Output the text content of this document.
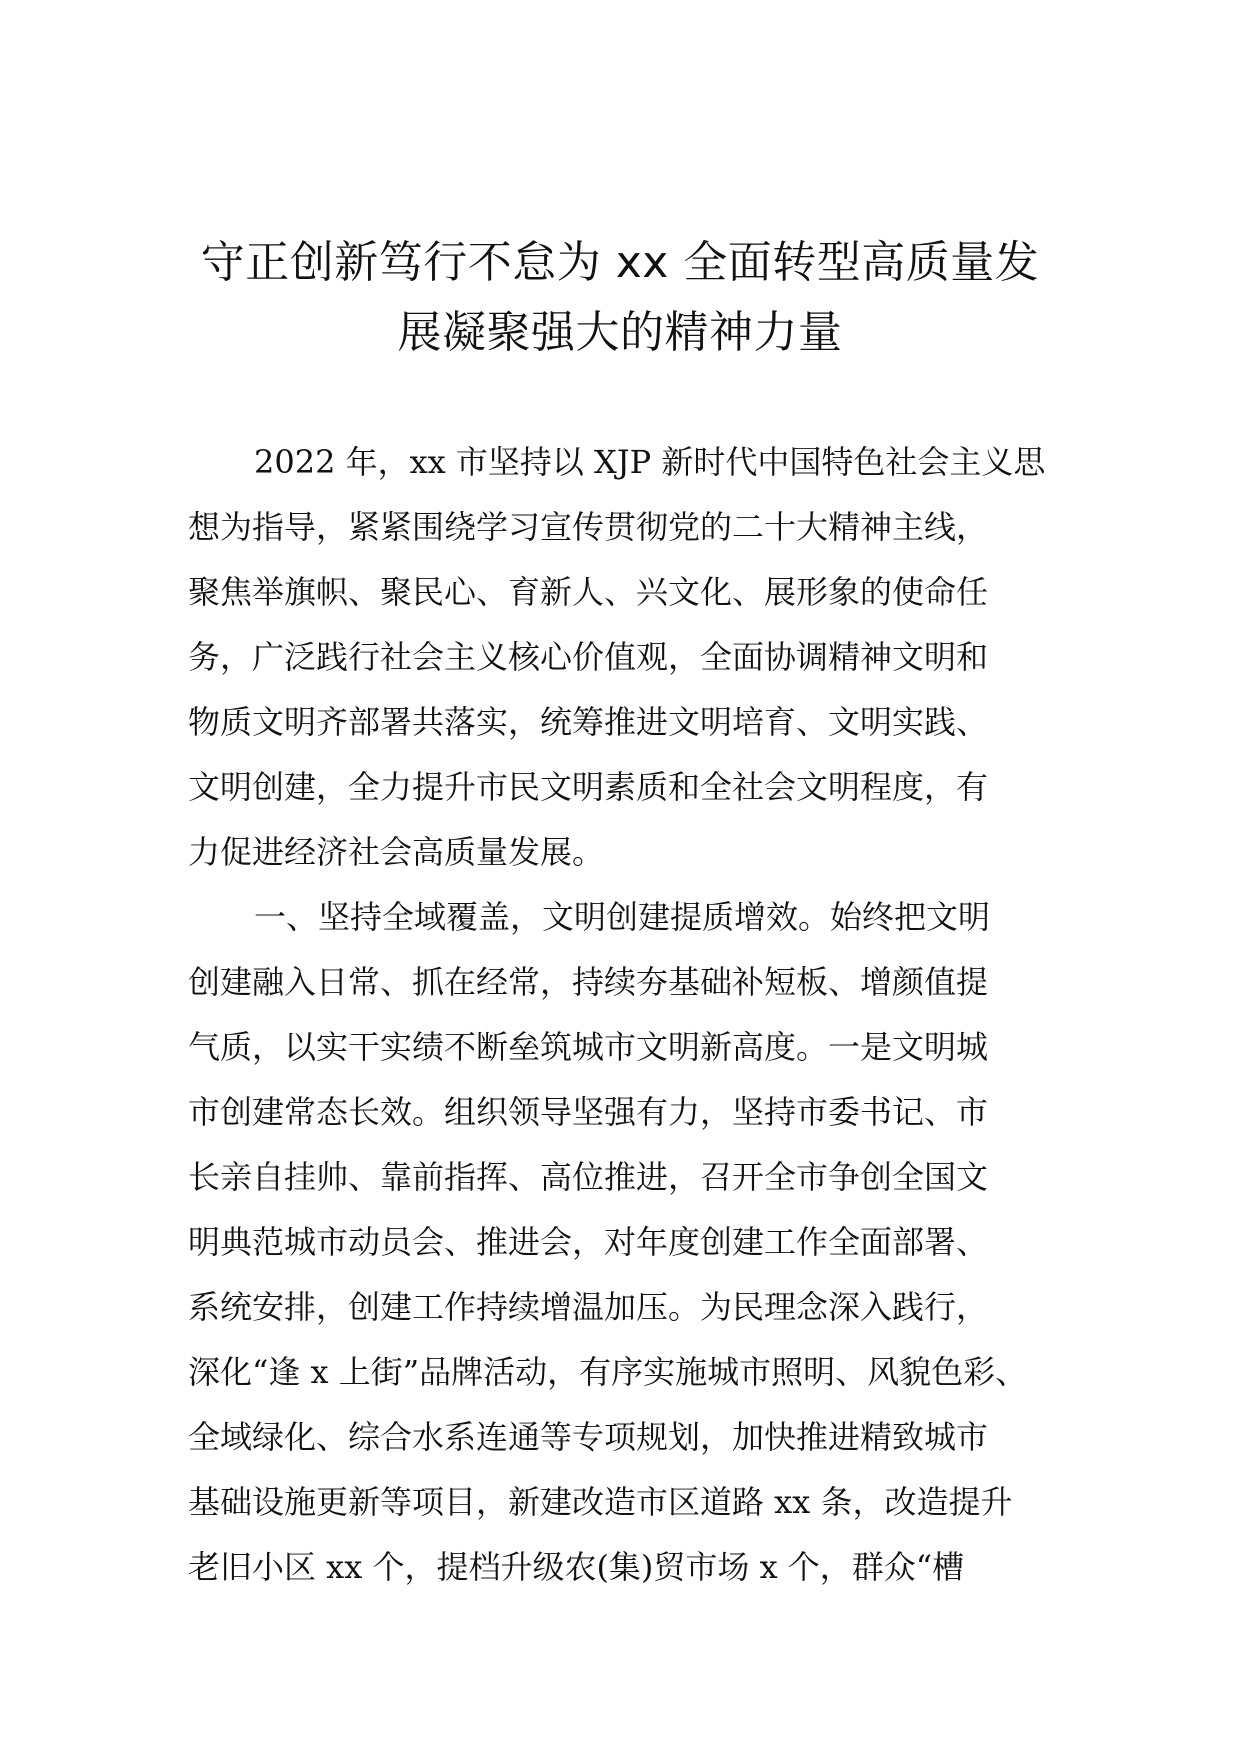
守正创新笃行不怠为 xx 全面转型高质量发
展凝聚强大的精神力量
2022 年，xx 市坚持以 XJP 新时代中国特色社会主义思
想为指导，紧紧围绕学习宣传贯彻党的二十大精神主线，
聚焦举旗帜、聚民心、育新人、兴文化、展形象的使命任
务，广泛践行社会主义核心价值观，全面协调精神文明和
物质文明齐部署共落实，统筹推进文明培育、文明实践、
文明创建，全力提升市民文明素质和全社会文明程度，有
力促进经济社会高质量发展。
一、坚持全域覆盖，文明创建提质增效。始终把文明
创建融入日常、抓在经常，持续夯基础补短板、增颜值提
气质，以实干实绩不断垒筑城市文明新高度。一是文明城
市创建常态长效。组织领导坚强有力，坚持市委书记、市
长亲自挂帅、靠前指挥、高位推进，召开全市争创全国文
明典范城市动员会、推进会，对年度创建工作全面部署、
系统安排，创建工作持续增温加压。为民理念深入践行，
深化“逢 x 上街”品牌活动，有序实施城市照明、风貌色彩、
全域绿化、综合水系连通等专项规划，加快推进精致城市
基础设施更新等项目，新建改造市区道路 xx 条，改造提升
老旧小区 xx 个，提档升级农(集)贸市场 x 个，群众“槽
